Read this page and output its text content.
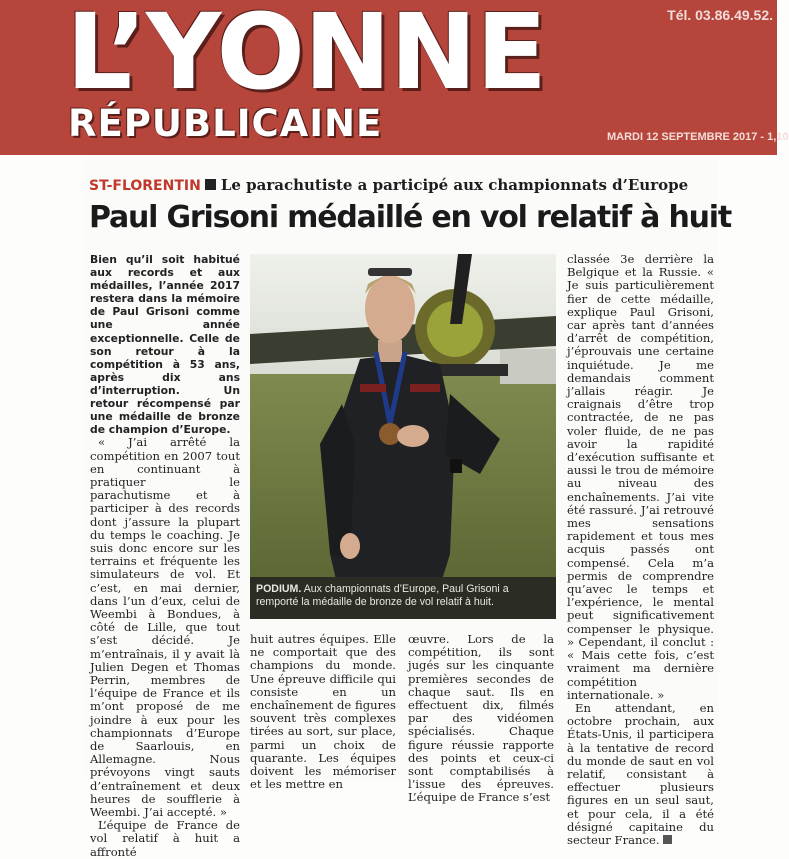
L’YONNE
RÉPUBLICAINE
Tél. 03.86.49.52.
MARDI 12 SEPTEMBRE 2017 - 1,10
ST-FLORENTIN Le parachutiste a participé aux championnats d’Europe
Paul Grisoni médaillé en vol relatif à huit

Bien qu’il soit habitué aux records et aux médailles, l’année 2017 restera dans la mémoire de Paul Grisoni comme une année exceptionnelle. Celle de son retour à la compétition à 53 ans, après dix ans d’interruption. Un retour récompensé par une médaille de bronze de champion d’Europe.

« J’ai arrêté la compétition en 2007 tout en continuant à pratiquer le parachutisme et à participer à des records dont j’assure la plupart du temps le coaching. Je suis donc encore sur les terrains et fréquente les simulateurs de vol. Et c’est, en mai dernier, dans l’un d’eux, celui de Weembi à Bondues, à côté de Lille, que tout s’est décidé. Je m’entraînais, il y avait là Julien Degen et Thomas Perrin, membres de l’équipe de France et ils m’ont proposé de me joindre à eux pour les championnats d’Europe de Saarlouis, en Allemagne. Nous prévoyons vingt sauts d’entraînement et deux heures de soufflerie à Weembi. J’ai accepté. »

L’équipe de France de vol relatif à huit a affronté

PODIUM. Aux championnats d’Europe, Paul Grisoni a remporté la médaille de bronze de vol relatif à huit.

huit autres équipes. Elle ne comportait que des champions du monde. Une épreuve difficile qui consiste en un enchaînement de figures souvent très complexes tirées au sort, sur place, parmi un choix de quarante. Les équipes doivent les mémoriser et les mettre en

œuvre. Lors de la compétition, ils sont jugés sur les cinquante premières secondes de chaque saut. Ils en effectuent dix, filmés par des vidéomen spécialisés. Chaque figure réussie rapporte des points et ceux-ci sont comptabilisés à l’issue des épreuves. L’équipe de France s’est

classée 3e derrière la Belgique et la Russie. « Je suis particulièrement fier de cette médaille, explique Paul Grisoni, car après tant d’années d’arrêt de compétition, j’éprouvais une certaine inquiétude. Je me demandais comment j’allais réagir. Je craignais d’être trop contractée, de ne pas voler fluide, de ne pas avoir la rapidité d’exécution suffisante et aussi le trou de mémoire au niveau des enchaînements. J’ai vite été rassuré. J’ai retrouvé mes sensations rapidement et tous mes acquis passés ont compensé. Cela m’a permis de comprendre qu’avec le temps et l’expérience, le mental peut significativement compenser le physique. » Cependant, il conclut : « Mais cette fois, c’est vraiment ma dernière compétition internationale. »

En attendant, en octobre prochain, aux États-Unis, il participera à la tentative de record du monde de saut en vol relatif, consistant à effectuer plusieurs figures en un seul saut, et pour cela, il a été désigné capitaine du secteur France.
